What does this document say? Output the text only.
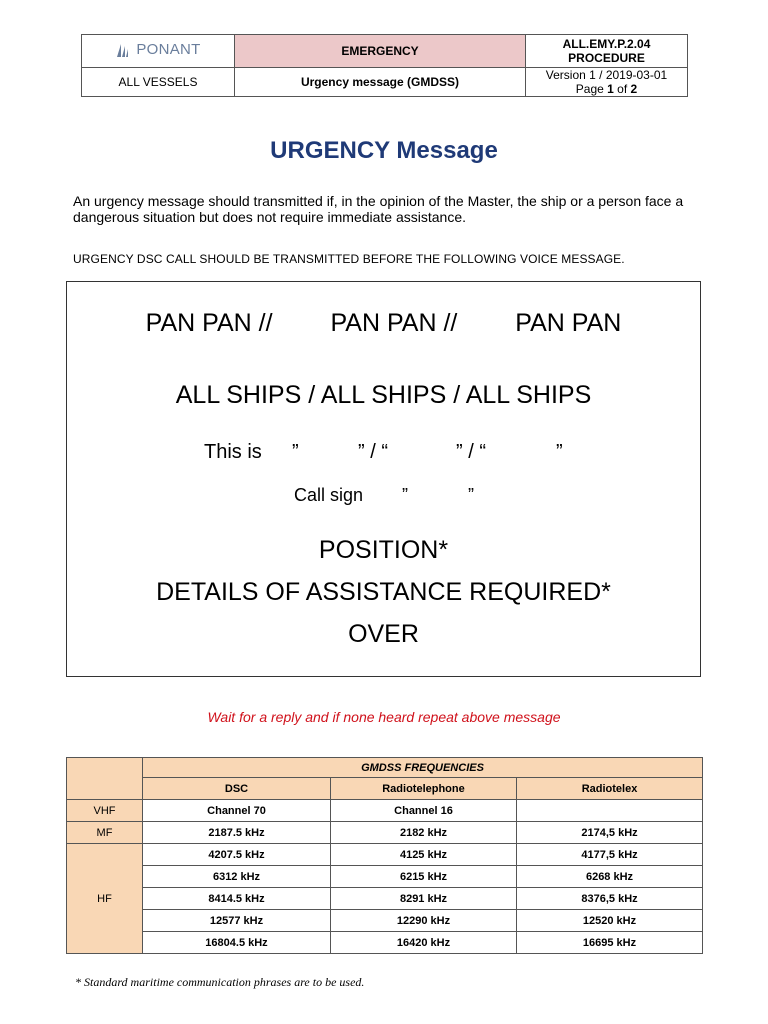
PONANT	EMERGENCY	ALL.EMY.P.2.04
PROCEDURE

ALL VESSELS	Urgency message (GMDSS)	Version 1 / 2019-03-01
Page 1 of 2
URGENCY Message
An urgency message should transmitted if, in the opinion of the Master, the ship or a person face a dangerous situation but does not require immediate assistance.
URGENCY DSC CALL SHOULD BE TRANSMITTED BEFORE THE FOLLOWING VOICE MESSAGE.
PAN PAN // PAN PAN // PAN PAN
ALL SHIPS / ALL SHIPS / ALL SHIPS
This is ”	” / “	” / “	”
Call sign ”	”
POSITION*
DETAILS OF ASSISTANCE REQUIRED*
OVER
Wait for a reply and if none heard repeat above message
	GMDSS FREQUENCIES		
	DSC	Radiotelephone	Radiotelex
VHF	Channel 70	Channel 16	
MF	2187.5 kHz	2182 kHz	2174,5 kHz
HF	4207.5 kHz	4125 kHz	4177,5 kHz
	6312 kHz	6215 kHz	6268 kHz
	8414.5 kHz	8291 kHz	8376,5 kHz
	12577 kHz	12290 kHz	12520 kHz
	16804.5 kHz	16420 kHz	16695 kHz
* Standard maritime communication phrases are to be used.
